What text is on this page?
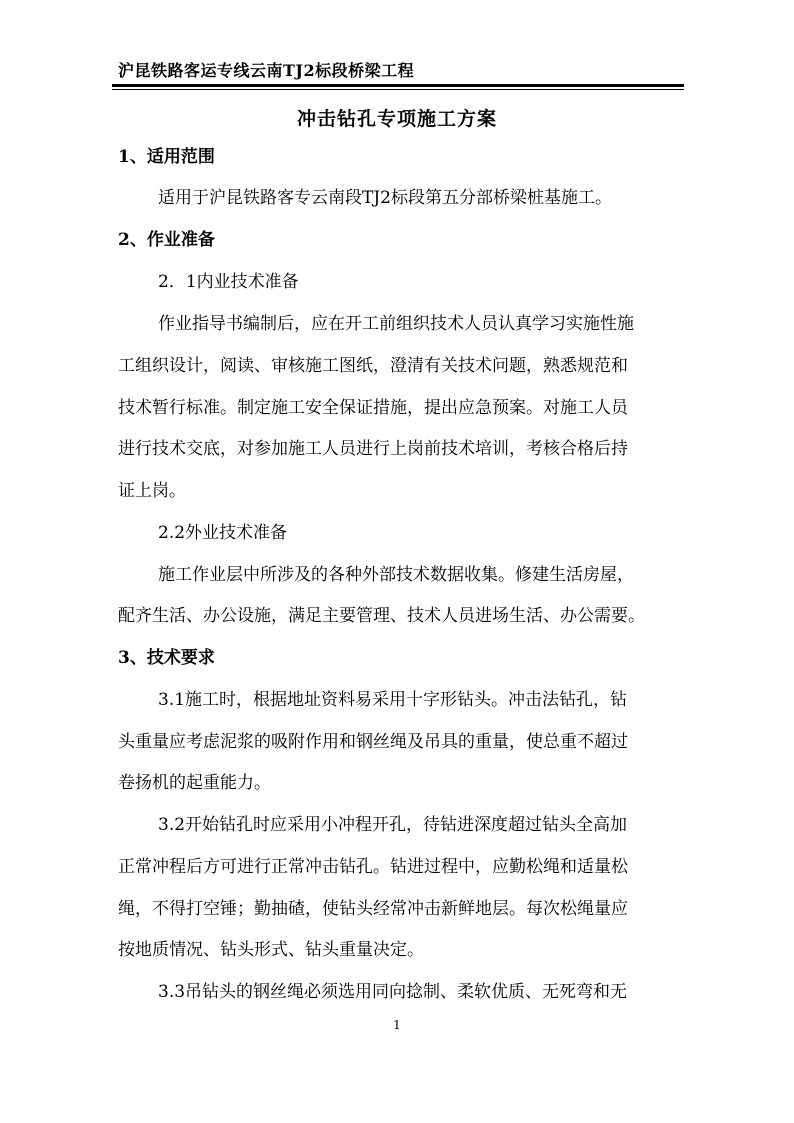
沪昆铁路客运专线云南TJ2标段桥梁工程
冲击钻孔专项施工方案
1、适用范围
适用于沪昆铁路客专云南段TJ2标段第五分部桥梁桩基施工。
2、作业准备
2．1内业技术准备
作业指导书编制后，应在开工前组织技术人员认真学习实施性施
工组织设计，阅读、审核施工图纸，澄清有关技术问题，熟悉规范和
技术暂行标准。制定施工安全保证措施，提出应急预案。对施工人员
进行技术交底，对参加施工人员进行上岗前技术培训，考核合格后持
证上岗。
2.2外业技术准备
施工作业层中所涉及的各种外部技术数据收集。修建生活房屋，
配齐生活、办公设施，满足主要管理、技术人员进场生活、办公需要。
3、技术要求
3.1施工时，根据地址资料易采用十字形钻头。冲击法钻孔，钻
头重量应考虑泥浆的吸附作用和钢丝绳及吊具的重量，使总重不超过
卷扬机的起重能力。
3.2开始钻孔时应采用小冲程开孔，待钻进深度超过钻头全高加
正常冲程后方可进行正常冲击钻孔。钻进过程中，应勤松绳和适量松
绳，不得打空锤；勤抽碴，使钻头经常冲击新鲜地层。每次松绳量应
按地质情况、钻头形式、钻头重量决定。
3.3吊钻头的钢丝绳必须选用同向捻制、柔软优质、无死弯和无
1
